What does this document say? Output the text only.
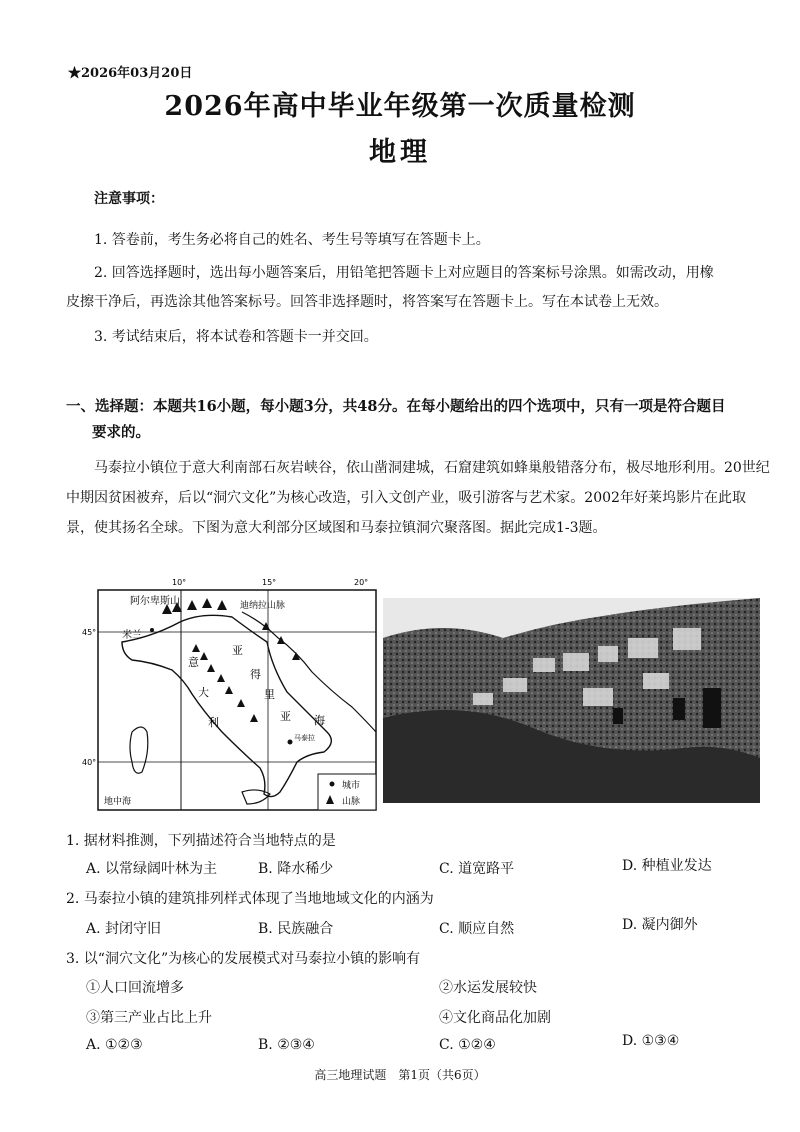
★2026年03月20日
2026年高中毕业年级第一次质量检测
地理
注意事项：
1. 答卷前，考生务必将自己的姓名、考生号等填写在答题卡上。
2. 回答选择题时，选出每小题答案后，用铅笔把答题卡上对应题目的答案标号涂黑。如需改动，用橡
皮擦干净后，再选涂其他答案标号。回答非选择题时，将答案写在答题卡上。写在本试卷上无效。
3. 考试结束后，将本试卷和答题卡一并交回。
一、选择题：本题共16小题，每小题3分，共48分。在每小题给出的四个选项中，只有一项是符合题目
要求的。
马泰拉小镇位于意大利南部石灰岩峡谷，依山凿洞建城，石窟建筑如蜂巢般错落分布，极尽地形利用。20世纪中期因贫困被弃，后以“洞穴文化”为核心改造，引入文创产业，吸引游客与艺术家。2002年好莱坞影片在此取景，使其扬名全球。下图为意大利部分区域图和马泰拉镇洞穴聚落图。据此完成1-3题。
10°	15°	20°
45°
40°
阿尔卑斯山	迪纳拉山脉
米兰
意
大
利
亚
得
里
亚 海
马泰拉
地中海
城市
山脉
1. 据材料推测，下列描述符合当地特点的是
A. 以常绿阔叶林为主	B. 降水稀少	C. 道宽路平	D. 种植业发达
2. 马泰拉小镇的建筑排列样式体现了当地地域文化的内涵为
A. 封闭守旧	B. 民族融合	C. 顺应自然	D. 凝内御外
3. 以“洞穴文化”为核心的发展模式对马泰拉小镇的影响有
①人口回流增多	②水运发展较快
③第三产业占比上升	④文化商品化加剧
A. ①②③	B. ②③④	C. ①②④	D. ①③④
高三地理试题　第1页（共6页）
